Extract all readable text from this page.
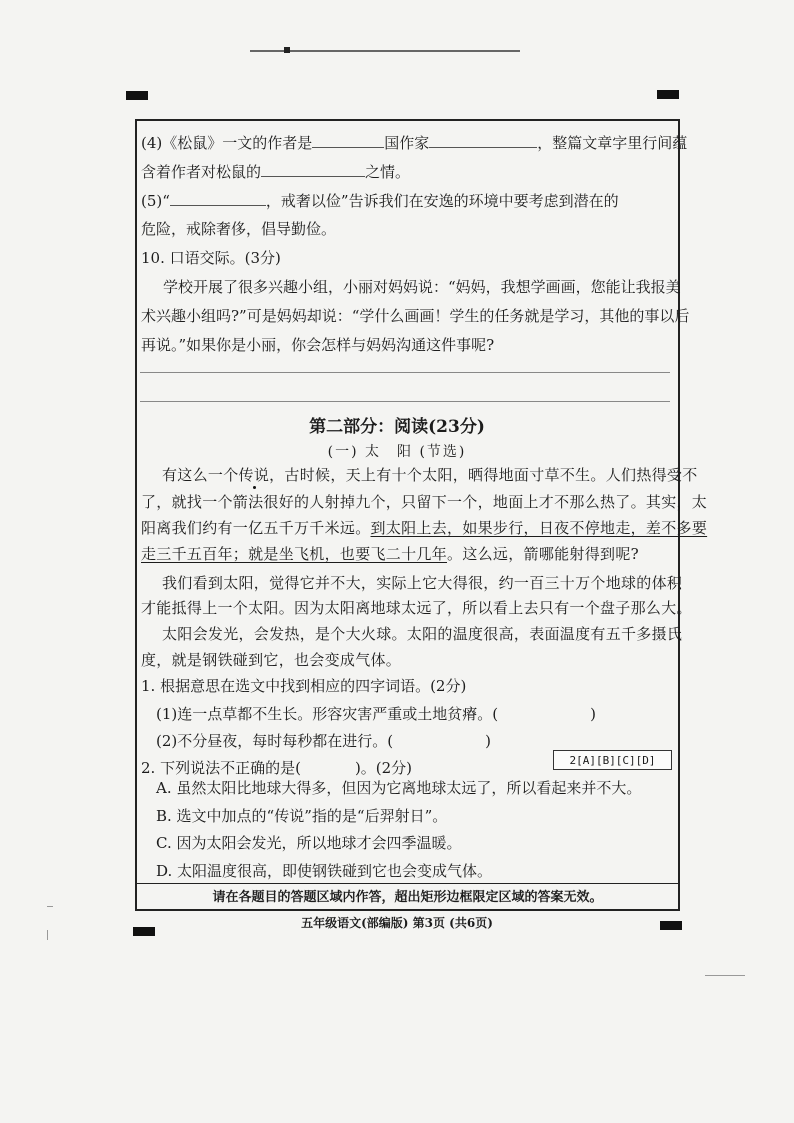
(4)《松鼠》一文的作者是	国作家	，整篇文章字里行间蕴
含着作者对松鼠的	之情。
(5)“	，戒奢以俭”告诉我们在安逸的环境中要考虑到潜在的
危险，戒除奢侈，倡导勤俭。
10. 口语交际。(3分)
学校开展了很多兴趣小组，小丽对妈妈说：“妈妈，我想学画画，您能让我报美
术兴趣小组吗?”可是妈妈却说：“学什么画画！学生的任务就是学习，其他的事以后
再说。”如果你是小丽，你会怎样与妈妈沟通这件事呢?
第二部分：阅读(23分)
(一) 太　阳 (节选)
有这么一个传说，古时候，天上有十个太阳，晒得地面寸草不生。人们热得受不
了，就找一个箭法很好的人射掉九个，只留下一个，地面上才不那么热了。其实，太
阳离我们约有一亿五千万千米远。到太阳上去，如果步行，日夜不停地走，差不多要
走三千五百年；就是坐飞机，也要飞二十几年。这么远，箭哪能射得到呢?
我们看到太阳，觉得它并不大，实际上它大得很，约一百三十万个地球的体积
才能抵得上一个太阳。因为太阳离地球太远了，所以看上去只有一个盘子那么大。
太阳会发光，会发热，是个大火球。太阳的温度很高，表面温度有五千多摄氏
度，就是钢铁碰到它，也会变成气体。
1. 根据意思在选文中找到相应的四字词语。(2分)
(1)连一点草都不生长。形容灾害严重或土地贫瘠。(	)
(2)不分昼夜，每时每秒都在进行。(	)
2. 下列说法不正确的是(	)。(2分)	2[A][B][C][D]
A. 虽然太阳比地球大得多，但因为它离地球太远了，所以看起来并不大。
B. 选文中加点的“传说”指的是“后羿射日”。
C. 因为太阳会发光，所以地球才会四季温暖。
D. 太阳温度很高，即使钢铁碰到它也会变成气体。
请在各题目的答题区域内作答，超出矩形边框限定区域的答案无效。
五年级语文(部编版) 第3页 (共6页)
